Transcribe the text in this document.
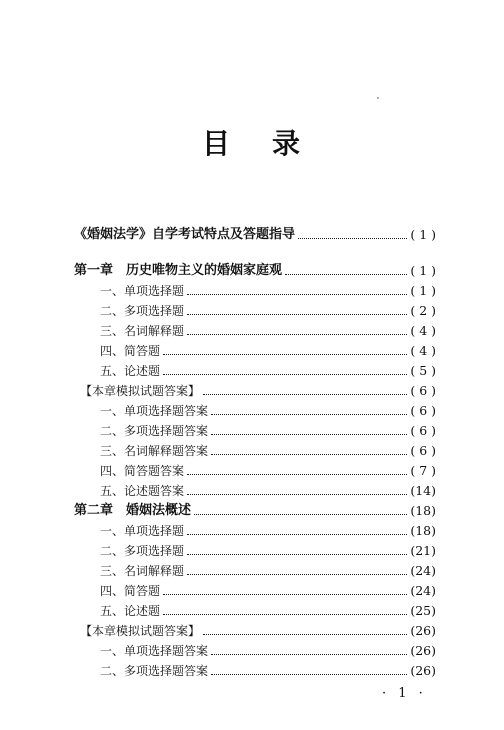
目 录
《婚姻法学》自学考试特点及答题指导	( 1 )
第一章　历史唯物主义的婚姻家庭观	( 1 )
一、单项选择题	( 1 )
二、多项选择题	( 2 )
三、名词解释题	( 4 )
四、简答题	( 4 )
五、论述题	( 5 )
【本章模拟试题答案】	( 6 )
一、单项选择题答案	( 6 )
二、多项选择题答案	( 6 )
三、名词解释题答案	( 6 )
四、简答题答案	( 7 )
五、论述题答案	(14)
第二章　婚姻法概述	(18)
一、单项选择题	(18)
二、多项选择题	(21)
三、名词解释题	(24)
四、简答题	(24)
五、论述题	(25)
【本章模拟试题答案】	(26)
一、单项选择题答案	(26)
二、多项选择题答案	(26)
· 1 ·
